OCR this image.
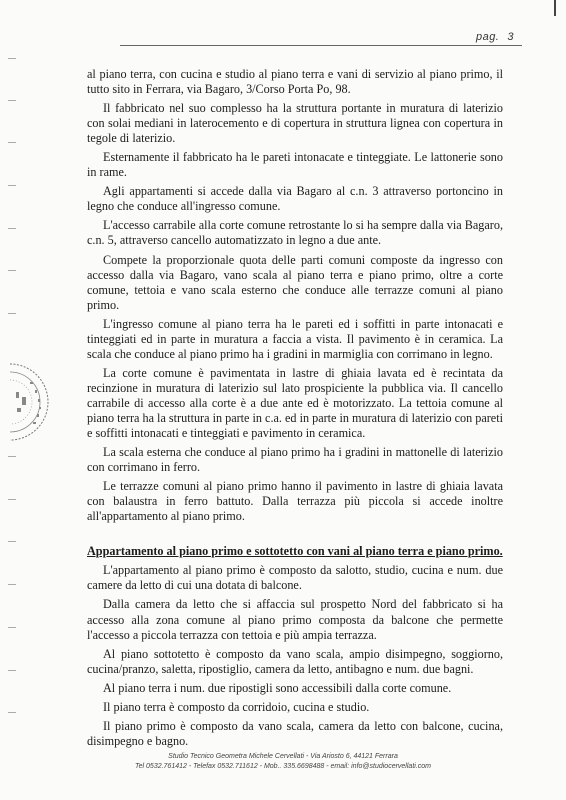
pag. 3

al piano terra, con cucina e studio al piano terra e vani di servizio al piano primo, il tutto sito in Ferrara, via Bagaro, 3/Corso Porta Po, 98.

Il fabbricato nel suo complesso ha la struttura portante in muratura di laterizio con solai mediani in laterocemento e di copertura in struttura lignea con copertura in tegole di laterizio.

Esternamente il fabbricato ha le pareti intonacate e tinteggiate. Le lattonerie sono in rame.

Agli appartamenti si accede dalla via Bagaro al c.n. 3 attraverso portoncino in legno che conduce all'ingresso comune.

L'accesso carrabile alla corte comune retrostante lo si ha sempre dalla via Bagaro, c.n. 5, attraverso cancello automatizzato in legno a due ante.

Compete la proporzionale quota delle parti comuni composte da ingresso con accesso dalla via Bagaro, vano scala al piano terra e piano primo, oltre a corte comune, tettoia e vano scala esterno che conduce alle terrazze comuni al piano primo.

L'ingresso comune al piano terra ha le pareti ed i soffitti in parte intonacati e tinteggiati ed in parte in muratura a faccia a vista. Il pavimento è in ceramica. La scala che conduce al piano primo ha i gradini in marmiglia con corrimano in legno.

La corte comune è pavimentata in lastre di ghiaia lavata ed è recintata da recinzione in muratura di laterizio sul lato prospiciente la pubblica via. Il cancello carrabile di accesso alla corte è a due ante ed è motorizzato. La tettoia comune al piano terra ha la struttura in parte in c.a. ed in parte in muratura di laterizio con pareti e soffitti intonacati e tinteggiati e pavimento in ceramica.

La scala esterna che conduce al piano primo ha i gradini in mattonelle di laterizio con corrimano in ferro.

Le terrazze comuni al piano primo hanno il pavimento in lastre di ghiaia lavata con balaustra in ferro battuto. Dalla terrazza più piccola si accede inoltre all'appartamento al piano primo.

Appartamento al piano primo e sottotetto con vani al piano terra e piano primo.

L'appartamento al piano primo è composto da salotto, studio, cucina e num. due camere da letto di cui una dotata di balcone.

Dalla camera da letto che si affaccia sul prospetto Nord del fabbricato si ha accesso alla zona comune al piano primo composta da balcone che permette l'accesso a piccola terrazza con tettoia e più ampia terrazza.

Al piano sottotetto è composto da vano scala, ampio disimpegno, soggiorno, cucina/pranzo, saletta, ripostiglio, camera da letto, antibagno e num. due bagni.

Al piano terra i num. due ripostigli sono accessibili dalla corte comune.

Il piano terra è composto da corridoio, cucina e studio.

Il piano primo è composto da vano scala, camera da letto con balcone, cucina, disimpegno e bagno.

Studio Tecnico Geometra Michele Cervellati - Via Ariosto 6, 44121 Ferrara
Tel 0532.761412 - Telefax 0532.711612 - Mob.. 335.6698488 - email: info@studiocervellati.com
